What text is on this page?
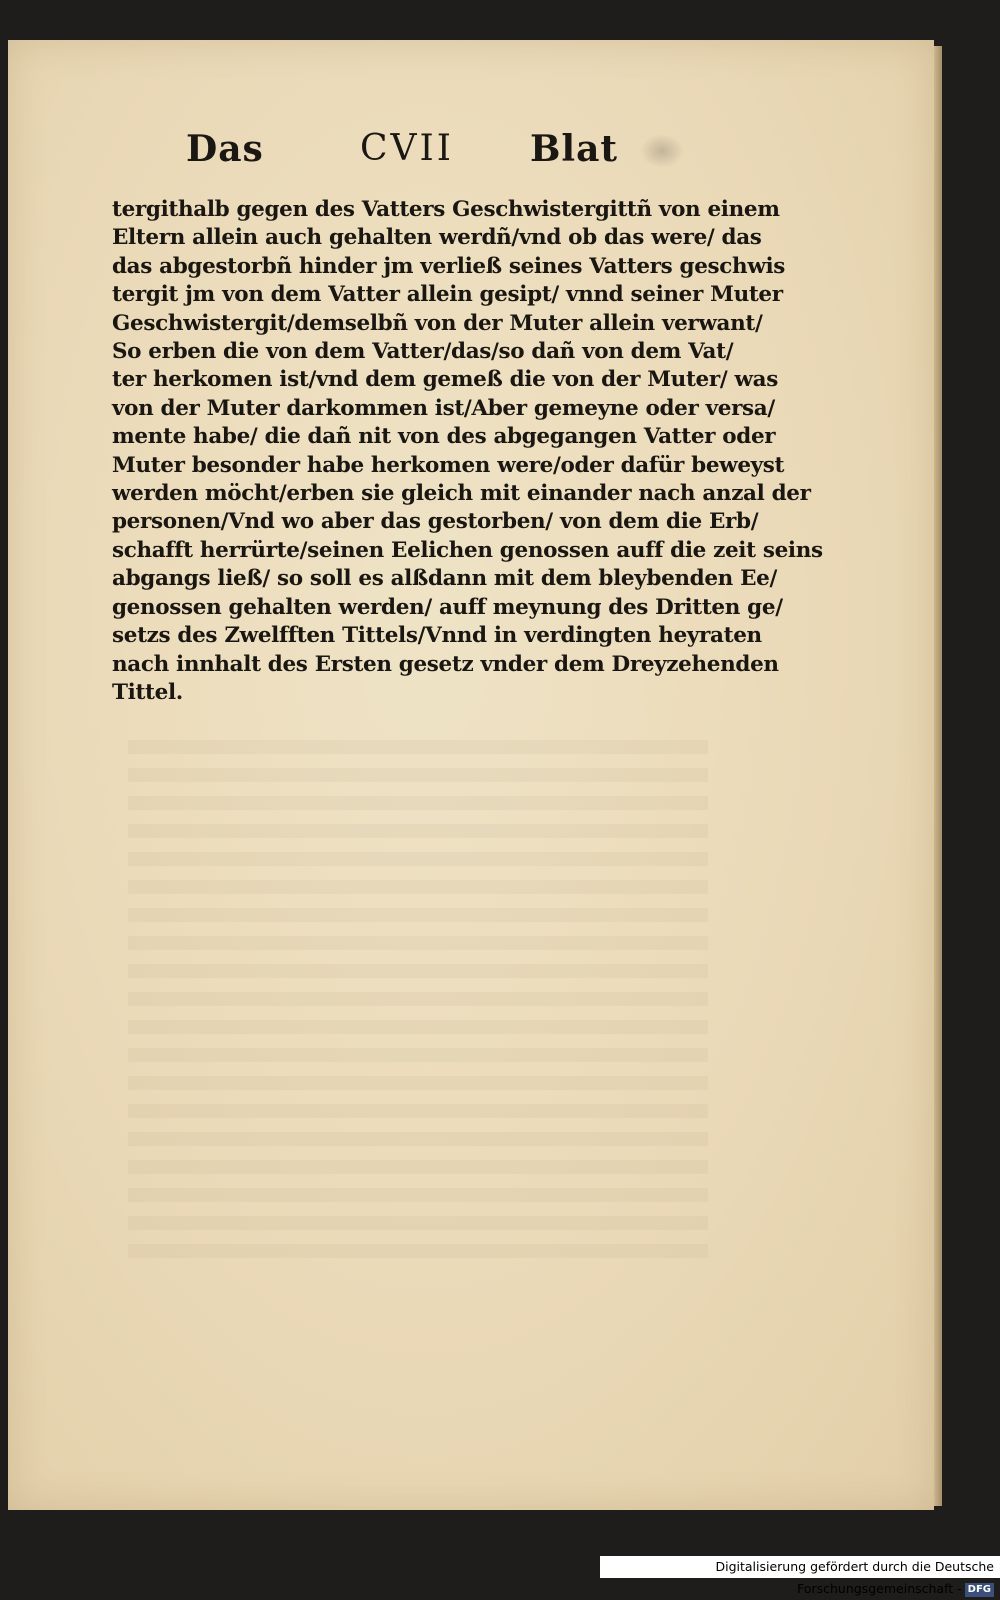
Das	CVII Blat
tergithalb gegen des Vatters Geschwistergittñ von einem
Eltern allein auch gehalten werdñ/vnd ob das were/ das
das abgestorbñ hinder jm verließ seines Vatters geschwis
tergit jm von dem Vatter allein gesipt/ vnnd seiner Muter
Geschwistergit/demselbñ von der Muter allein verwant/
So erben die von dem Vatter/das/so dañ von dem Vat/
ter herkomen ist/vnd dem gemeß die von der Muter/ was
von der Muter darkommen ist/Aber gemeyne oder versa/
mente habe/ die dañ nit von des abgegangen Vatter oder
Muter besonder habe herkomen were/oder dafür beweyst
werden möcht/erben sie gleich mit einander nach anzal der
personen/Vnd wo aber das gestorben/ von dem die Erb/
schafft herrürte/seinen Eelichen genossen auff die zeit seins
abgangs ließ/ so soll es alßdann mit dem bleybenden Ee/
genossen gehalten werden/ auff meynung des Dritten ge/
setzs des Zwelfften Tittels/Vnnd in verdingten heyraten
nach innhalt des Ersten gesetz vnder dem Dreyzehenden
Tittel.
Digitalisierung gefördert durch die Deutsche Forschungsgemeinschaft - DFG
